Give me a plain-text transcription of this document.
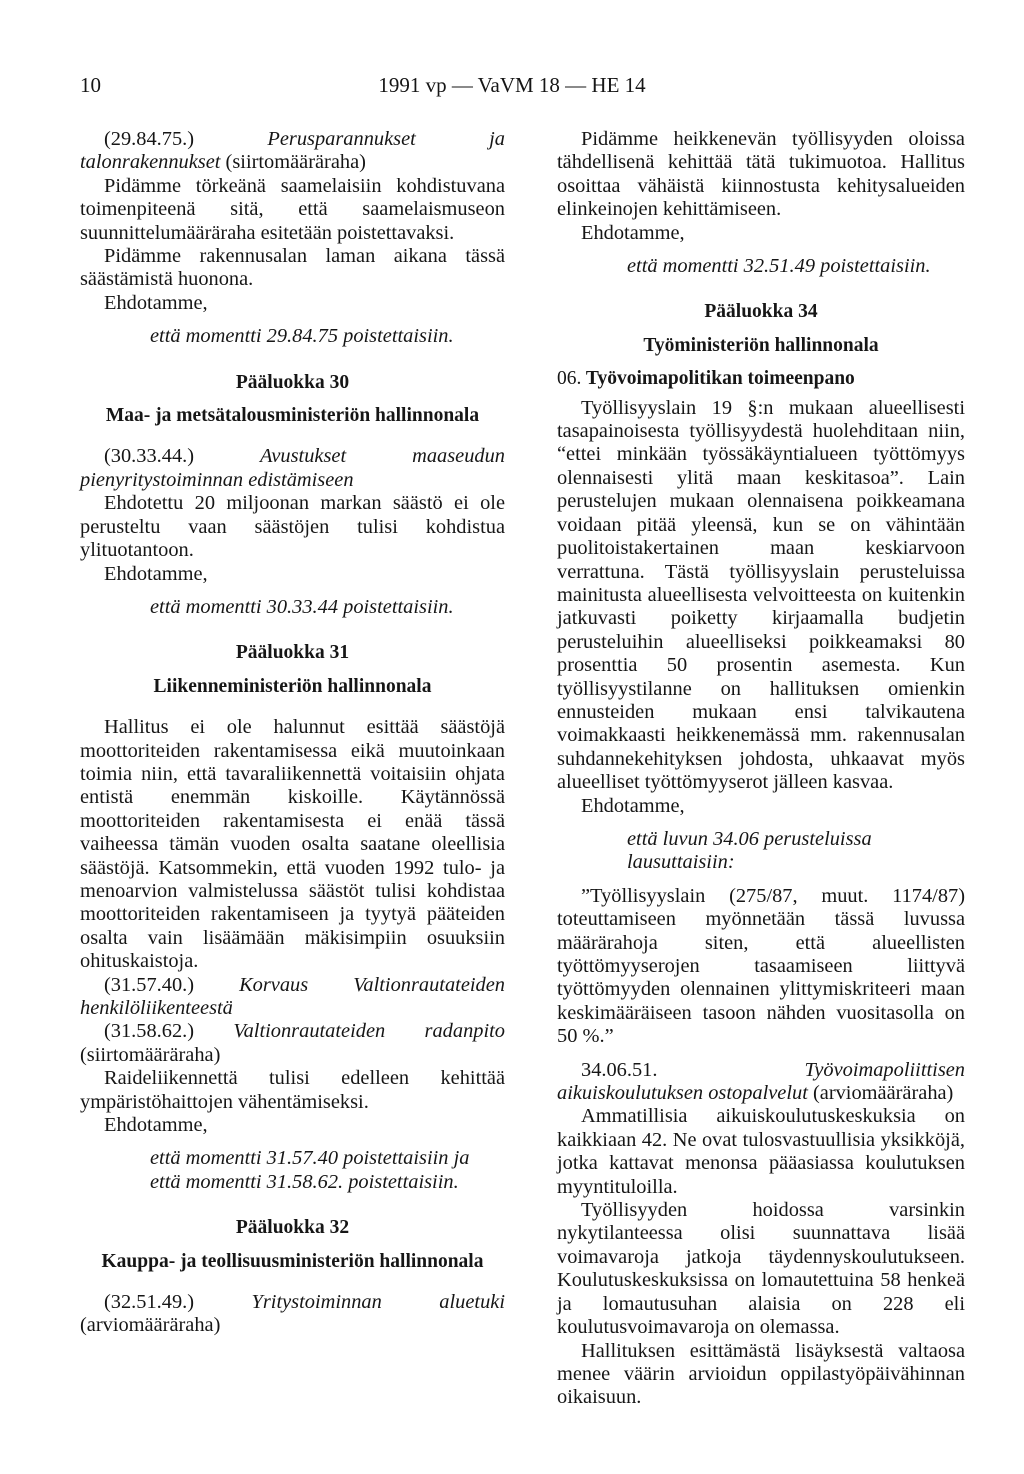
10	1991 vp — VaVM 18 — HE 14

(29.84.75.)	Perusparannukset ja talonrakennukset (siirtomääräraha)

Pidämme törkeänä saamelaisiin kohdistuvana toimenpiteenä sitä, että saamelaismuseon suunnittelumääräraha esitetään poistettavaksi.

Pidämme rakennusalan laman aikana tässä säästämistä huonona.

Ehdotamme,

että momentti 29.84.75 poistettaisiin.

Pääluokka 30

Maa- ja metsätalousministeriön hallinnonala

(30.33.44.)	Avustukset maaseudun pienyritystoiminnan edistämiseen

Ehdotettu 20 miljoonan markan säästö ei ole perusteltu vaan säästöjen tulisi kohdistua ylituotantoon.

Ehdotamme,

että momentti 30.33.44 poistettaisiin.

Pääluokka 31

Liikenneministeriön hallinnonala

Hallitus ei ole halunnut esittää säästöjä moottoriteiden rakentamisessa eikä muutoinkaan toimia niin, että tavaraliikennettä voitaisiin ohjata entistä enemmän kiskoille. Käytännössä moottoriteiden rakentamisesta ei enää tässä vaiheessa tämän vuoden osalta saatane oleellisia säästöjä. Katsommekin, että vuoden 1992 tulo- ja menoarvion valmistelussa säästöt tulisi kohdistaa moottoriteiden rakentamiseen ja tyytyä pääteiden osalta vain lisäämään mäkisimpiin osuuksiin ohituskaistoja.

(31.57.40.) Korvaus Valtionrautateiden henkilöliikenteestä

(31.58.62.) Valtionrautateiden radanpito (siirtomääräraha)

Raideliikennettä tulisi edelleen kehittää ympäristöhaittojen vähentämiseksi.

Ehdotamme,

että momentti 31.57.40 poistettaisiin ja

että momentti 31.58.62. poistettaisiin.

Pääluokka 32

Kauppa- ja teollisuusministeriön hallinnonala

(32.51.49.)	Yritystoiminnan aluetuki (arviomääräraha)

Pidämme heikkenevän työllisyyden oloissa tähdellisenä kehittää tätä tukimuotoa. Hallitus osoittaa vähäistä kiinnostusta kehitysalueiden elinkeinojen kehittämiseen.

Ehdotamme,

että momentti 32.51.49 poistettaisiin.

Pääluokka 34

Työministeriön hallinnonala

06. Työvoimapolitikan toimeenpano

Työllisyyslain 19 §:n mukaan alueellisesti tasapainoisesta työllisyydestä huolehditaan niin, “ettei minkään työssäkäyntialueen työttömyys olennaisesti ylitä maan keskitasoa”. Lain perustelujen mukaan olennaisena poikkeamana voidaan pitää yleensä, kun se on vähintään puolitoistakertainen maan keskiarvoon verrattuna. Tästä työllisyyslain perusteluissa mainitusta alueellisesta velvoitteesta on kuitenkin jatkuvasti poiketty kirjaamalla budjetin perusteluihin alueelliseksi poikkeamaksi 80 prosenttia 50 prosentin asemesta. Kun työllisyystilanne on hallituksen omienkin ennusteiden mukaan ensi talvikautena voimakkaasti heikkenemässä mm. rakennusalan suhdannekehityksen johdosta, uhkaavat myös alueelliset työttömyyserot jälleen kasvaa.

Ehdotamme,

että luvun 34.06 perusteluissa lausuttaisiin:

”Työllisyyslain (275/87, muut. 1174/87) toteuttamiseen myönnetään tässä luvussa määrärahoja siten, että alueellisten työttömyyserojen tasaamiseen liittyvä työttömyyden olennainen ylittymiskriteeri maan keskimääräiseen tasoon nähden vuositasolla on 50 %.”

34.06.51.	Työvoimapoliittisen aikuiskoulutuksen ostopalvelut (arviomääräraha)

Ammatillisia aikuiskoulutuskeskuksia on kaikkiaan 42. Ne ovat tulosvastuullisia yksikköjä, jotka kattavat menonsa pääasiassa koulutuksen myyntituloilla.

Työllisyyden hoidossa varsinkin nykytilanteessa olisi suunnattava lisää voimavaroja jatkoja täydennyskoulutukseen. Koulutuskeskuksissa on lomautettuina 58 henkeä ja lomautusuhan alaisia on 228 eli koulutusvoimavaroja on olemassa.

Hallituksen esittämästä lisäyksestä valtaosa menee väärin arvioidun oppilastyöpäivähinnan oikaisuun.
